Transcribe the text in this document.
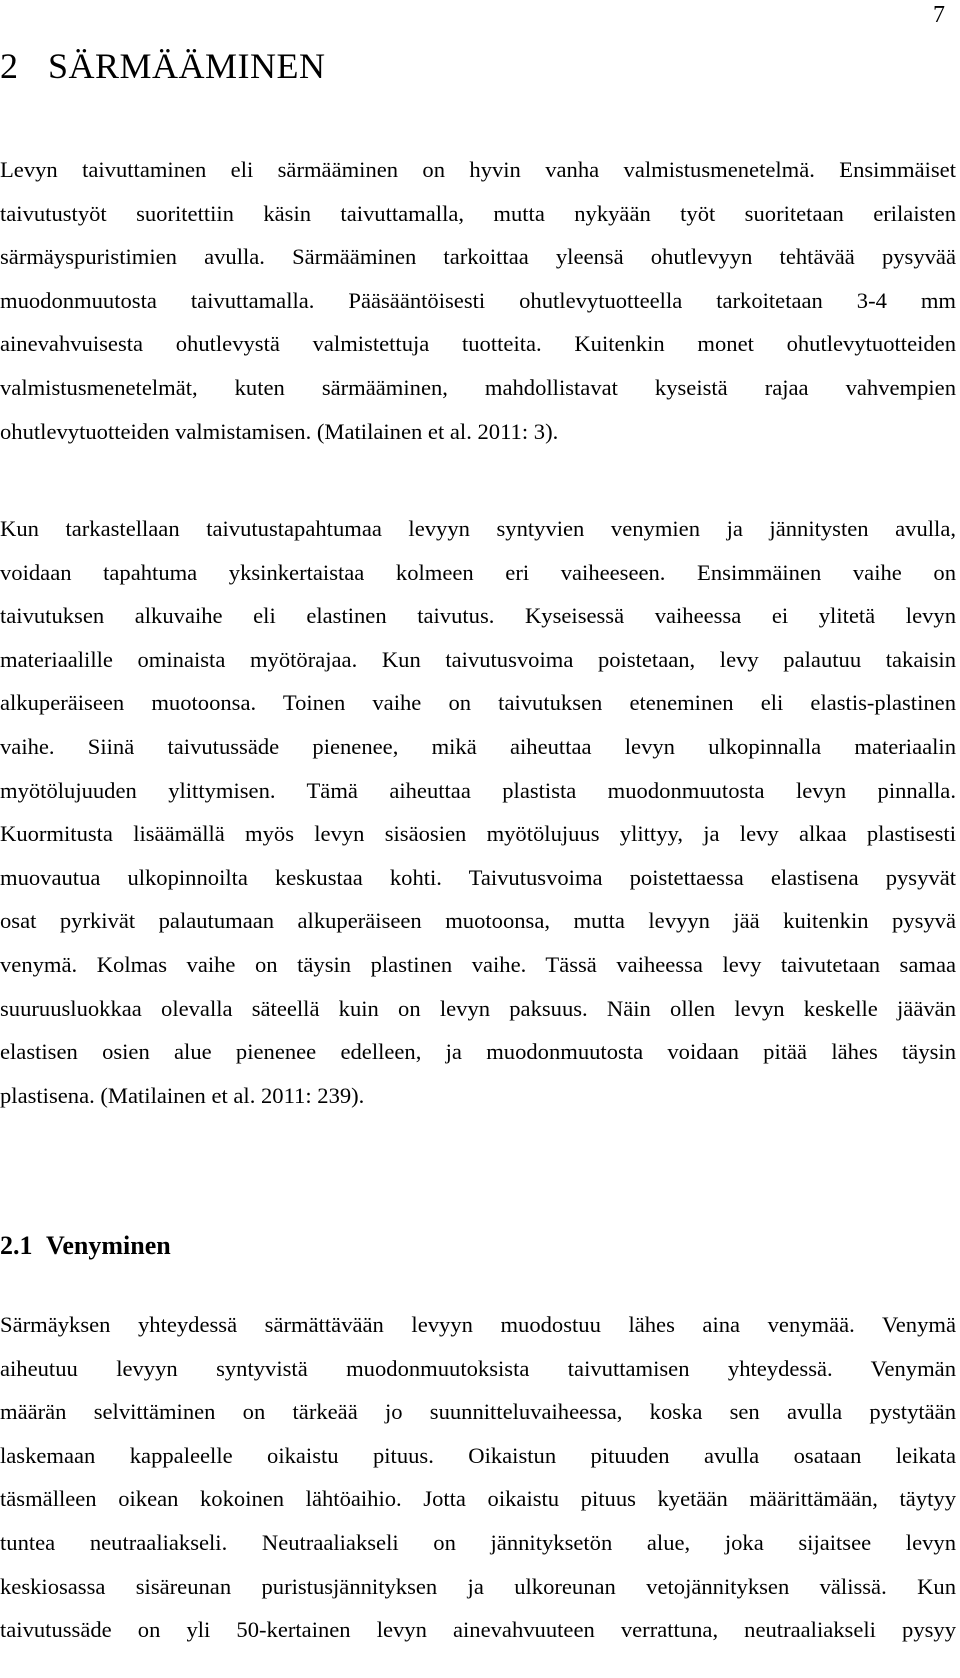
7
2 SÄRMÄÄMINEN

Levyn taivuttaminen eli särmääminen on hyvin vanha valmistusmenetelmä. Ensimmäiset
taivutustyöt suoritettiin käsin taivuttamalla, mutta nykyään työt suoritetaan erilaisten
särmäyspuristimien avulla. Särmääminen tarkoittaa yleensä ohutlevyyn tehtävää pysyvää
muodonmuutosta taivuttamalla. Pääsääntöisesti ohutlevytuotteella tarkoitetaan 3-4 mm
ainevahvuisesta ohutlevystä valmistettuja tuotteita. Kuitenkin monet ohutlevytuotteiden
valmistusmenetelmät, kuten särmääminen, mahdollistavat kyseistä rajaa vahvempien
ohutlevytuotteiden valmistamisen. (Matilainen et al. 2011: 3).

Kun tarkastellaan taivutustapahtumaa levyyn syntyvien venymien ja jännitysten avulla,
voidaan tapahtuma yksinkertaistaa kolmeen eri vaiheeseen. Ensimmäinen vaihe on
taivutuksen alkuvaihe eli elastinen taivutus. Kyseisessä vaiheessa ei ylitetä levyn
materiaalille ominaista myötörajaa. Kun taivutusvoima poistetaan, levy palautuu takaisin
alkuperäiseen muotoonsa. Toinen vaihe on taivutuksen eteneminen eli elastis-plastinen
vaihe. Siinä taivutussäde pienenee, mikä aiheuttaa levyn ulkopinnalla materiaalin
myötölujuuden ylittymisen. Tämä aiheuttaa plastista muodonmuutosta levyn pinnalla.
Kuormitusta lisäämällä myös levyn sisäosien myötölujuus ylittyy, ja levy alkaa plastisesti
muovautua ulkopinnoilta keskustaa kohti. Taivutusvoima poistettaessa elastisena pysyvät
osat pyrkivät palautumaan alkuperäiseen muotoonsa, mutta levyyn jää kuitenkin pysyvä
venymä. Kolmas vaihe on täysin plastinen vaihe. Tässä vaiheessa levy taivutetaan samaa
suuruusluokkaa olevalla säteellä kuin on levyn paksuus. Näin ollen levyn keskelle jäävän
elastisen osien alue pienenee edelleen, ja muodonmuutosta voidaan pitää lähes täysin
plastisena. (Matilainen et al. 2011: 239).

2.1 Venyminen

Särmäyksen yhteydessä särmättävään levyyn muodostuu lähes aina venymää. Venymä
aiheutuu levyyn syntyvistä muodonmuutoksista taivuttamisen yhteydessä. Venymän
määrän selvittäminen on tärkeää jo suunnitteluvaiheessa, koska sen avulla pystytään
laskemaan kappaleelle oikaistu pituus. Oikaistun pituuden avulla osataan leikata
täsmälleen oikean kokoinen lähtöaihio. Jotta oikaistu pituus kyetään määrittämään, täytyy
tuntea neutraaliakseli. Neutraaliakseli on jännityksetön alue, joka sijaitsee levyn
keskiosassa sisäreunan puristusjännityksen ja ulkoreunan vetojännityksen välissä. Kun
taivutussäde on yli 50-kertainen levyn ainevahvuuteen verrattuna, neutraaliakseli pysyy
